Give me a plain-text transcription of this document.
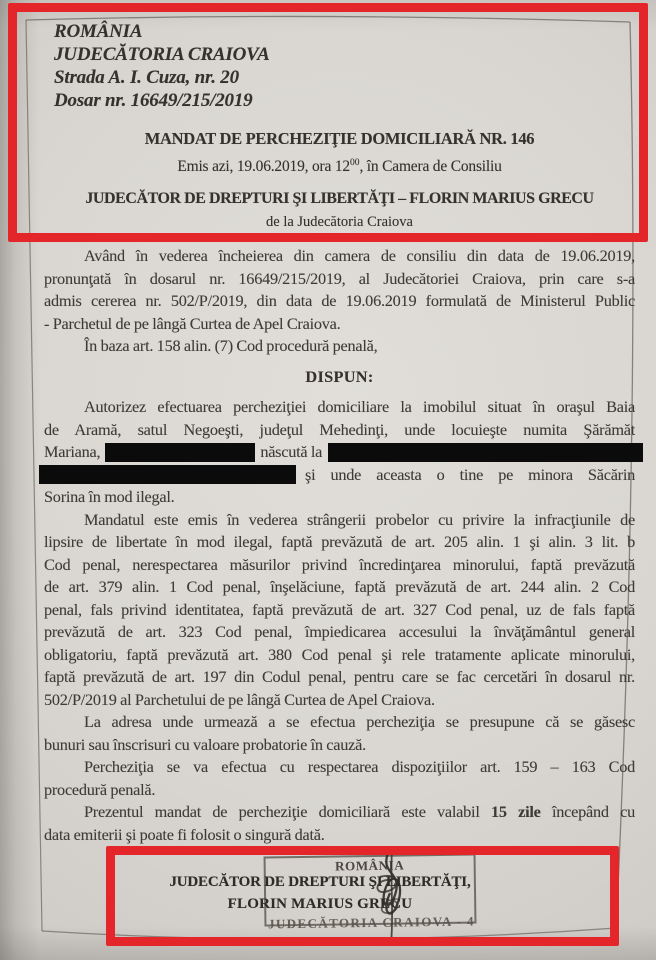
ROMÂNIA
JUDECĂTORIA CRAIOVA
Strada A. I. Cuza, nr. 20
Dosar nr. 16649/215/2019
MANDAT DE PERCHEZIŢIE DOMICILIARĂ NR. 146
Emis azi, 19.06.2019, ora $12^{00}$, în Camera de Consiliu
JUDECĂTOR DE DREPTURI ŞI LIBERTĂŢI – FLORIN MARIUS GRECU
de la Judecătoria Craiova
Având în vederea încheierea din camera de consiliu din data de 19.06.2019,
pronunţată în dosarul nr. 16649/215/2019, al Judecătoriei Craiova, prin care s-a
admis cererea nr. 502/P/2019, din data de 19.06.2019 formulată de Ministerul Public
- Parchetul de pe lângă Curtea de Apel Craiova.
În baza art. 158 alin. (7) Cod procedură penală,
DISPUN:
Autorizez efectuarea percheziţiei domiciliare la imobilul situat în oraşul Baia
de Aramă, satul Negoeşti, judeţul Mehedinţi, unde locuieşte numita Şărămăt
Mariana,	născută la
şi unde aceasta o tine pe minora Săcărin
Sorina în mod ilegal.
Mandatul este emis în vederea strângerii probelor cu privire la infracţiunile de
lipsire de libertate în mod ilegal, faptă prevăzută de art. 205 alin. 1 şi alin. 3 lit. b
Cod penal, nerespectarea măsurilor privind încredinţarea minorului, faptă prevăzută
de art. 379 alin. 1 Cod penal, înşelăciune, faptă prevăzută de art. 244 alin. 2 Cod
penal, fals privind identitatea, faptă prevăzută de art. 327 Cod penal, uz de fals faptă
prevăzută de art. 323 Cod penal, împiedicarea accesului la învăţământul general
obligatoriu, faptă prevăzută art. 380 Cod penal şi rele tratamente aplicate minorului,
faptă prevăzută de art. 197 din Codul penal, pentru care se fac cercetări în dosarul nr.
502/P/2019 al Parchetului de pe lângă Curtea de Apel Craiova.
La adresa unde urmează a se efectua percheziţia se presupune că se găsesc
bunuri sau înscrisuri cu valoare probatorie în cauză.
Percheziţia se va efectua cu respectarea dispoziţiilor art. 159 – 163 Cod
procedură penală.
Prezentul mandat de percheziţie domiciliară este valabil 15 zile începând cu
data emiterii şi poate fi folosit o singură dată.
ROMÂNIA
JUDECĂTORIA CRAIOVA - 4
JUDECĂTOR DE DREPTURI ŞI LIBERTĂŢI,
FLORIN MARIUS GRECU
